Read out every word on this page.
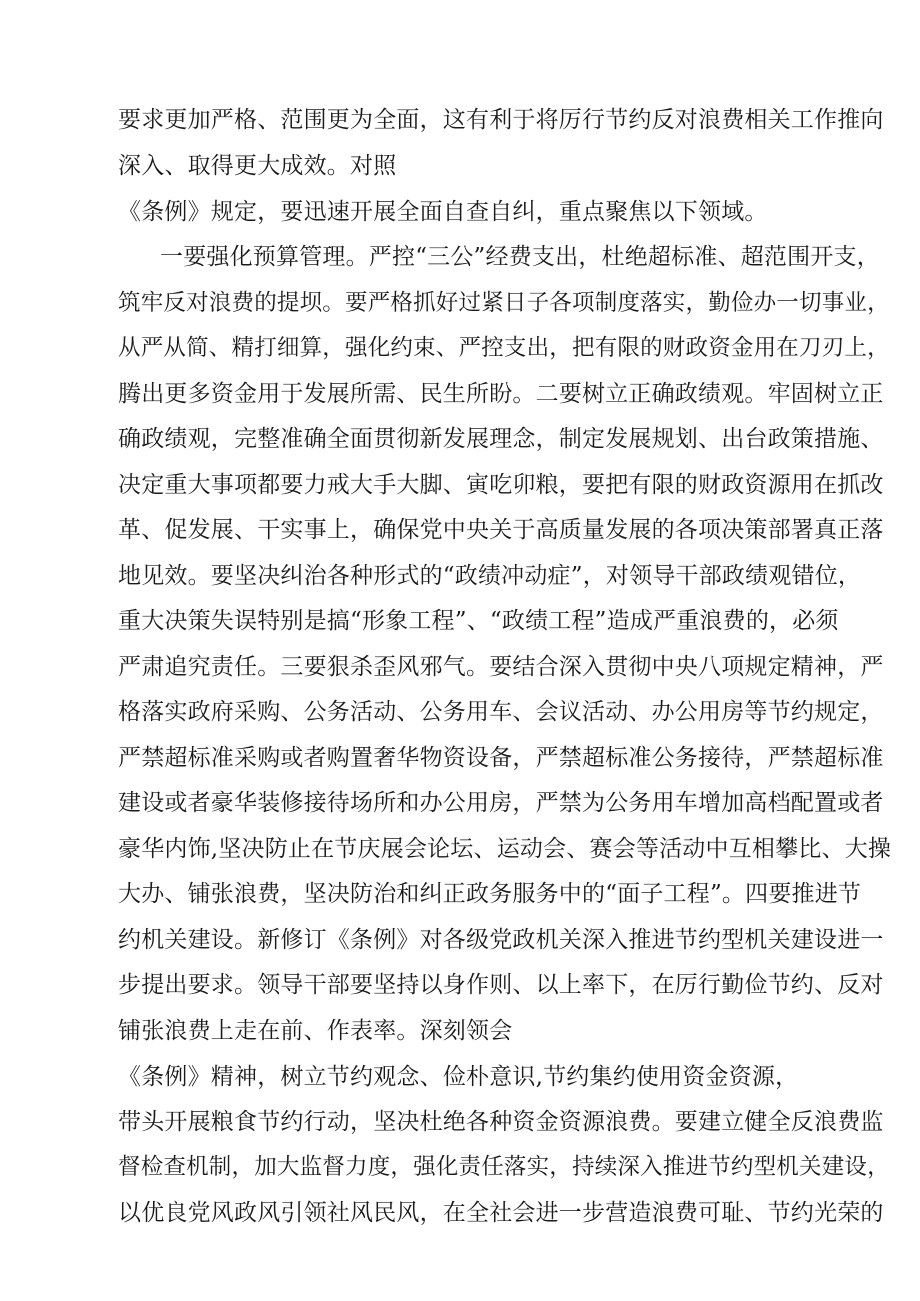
要求更加严格、范围更为全面，这有利于将厉行节约反对浪费相关工作推向
深入、取得更大成效。对照
《条例》规定，要迅速开展全面自查自纠，重点聚焦以下领域。
一要强化预算管理。严控“三公”经费支出，杜绝超标准、超范围开支，
筑牢反对浪费的提坝。要严格抓好过紧日子各项制度落实，勤俭办一切事业，
从严从简、精打细算，强化约束、严控支出，把有限的财政资金用在刀刃上，
腾出更多资金用于发展所需、民生所盼。二要树立正确政绩观。牢固树立正
确政绩观，完整准确全面贯彻新发展理念，制定发展规划、出台政策措施、
决定重大事项都要力戒大手大脚、寅吃卯粮，要把有限的财政资源用在抓改
革、促发展、干实事上，确保党中央关于高质量发展的各项决策部署真正落
地见效。要坚决纠治各种形式的“政绩冲动症”，对领导干部政绩观错位，
重大决策失误特别是搞“形象工程”、“政绩工程”造成严重浪费的，必须
严肃追究责任。三要狠杀歪风邪气。要结合深入贯彻中央八项规定精神，严
格落实政府采购、公务活动、公务用车、会议活动、办公用房等节约规定，
严禁超标准采购或者购置奢华物资设备，严禁超标准公务接待，严禁超标准
建设或者豪华装修接待场所和办公用房，严禁为公务用车增加高档配置或者
豪华内饰,坚决防止在节庆展会论坛、运动会、赛会等活动中互相攀比、大操
大办、铺张浪费，坚决防治和纠正政务服务中的“面子工程”。四要推进节
约机关建设。新修订《条例》对各级党政机关深入推进节约型机关建设进一
步提出要求。领导干部要坚持以身作则、以上率下，在厉行勤俭节约、反对
铺张浪费上走在前、作表率。深刻领会
《条例》精神，树立节约观念、俭朴意识,节约集约使用资金资源，
带头开展粮食节约行动，坚决杜绝各种资金资源浪费。要建立健全反浪费监
督检查机制，加大监督力度，强化责任落实，持续深入推进节约型机关建设，
以优良党风政风引领社风民风，在全社会进一步营造浪费可耻、节约光荣的
